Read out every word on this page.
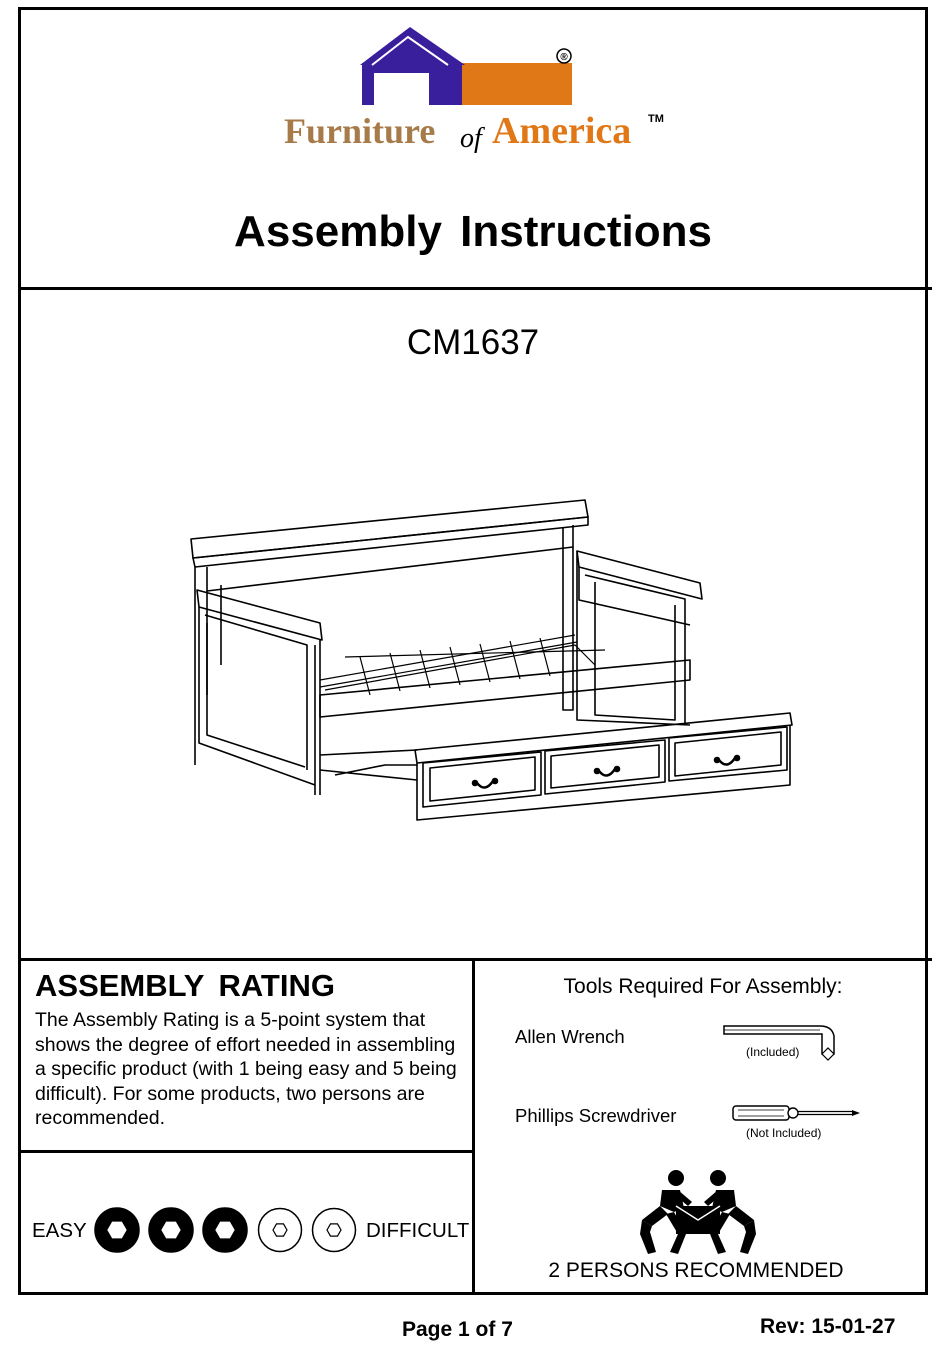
®
Furniture of America TM
Assembly Instructions
CM1637
ASSEMBLY RATING
The Assembly Rating is a 5-point system that shows the degree of effort needed in assembling a specific product (with 1 being easy and 5 being difficult). For some products, two persons are recommended.
EASY	DIFFICULT
Tools Required For Assembly:
Allen Wrench
(Included)
Phillips Screwdriver
(Not Included)
2 PERSONS RECOMMENDED
Page 1 of 7	Rev: 15-01-27
